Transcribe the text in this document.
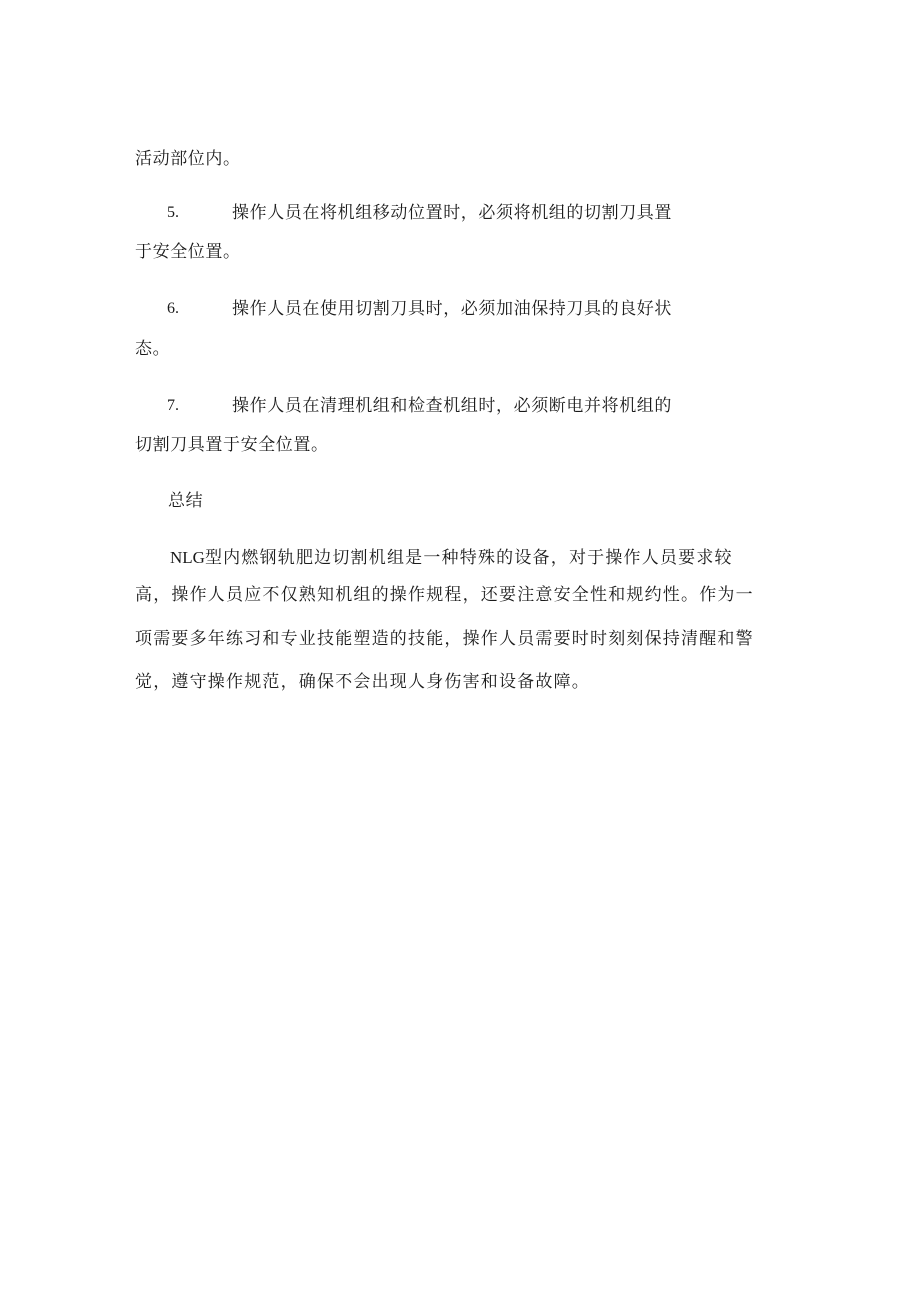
活动部位内。
5.	操作人员在将机组移动位置时，必须将机组的切割刀具置
于安全位置。
6.	操作人员在使用切割刀具时，必须加油保持刀具的良好状
态。
7.	操作人员在清理机组和检查机组时，必须断电并将机组的
切割刀具置于安全位置。
总结
NLG型内燃钢轨肥边切割机组是一种特殊的设备，对于操作人员要求较
高，操作人员应不仅熟知机组的操作规程，还要注意安全性和规约性。作为一
项需要多年练习和专业技能塑造的技能，操作人员需要时时刻刻保持清醒和警
觉，遵守操作规范，确保不会出现人身伤害和设备故障。
